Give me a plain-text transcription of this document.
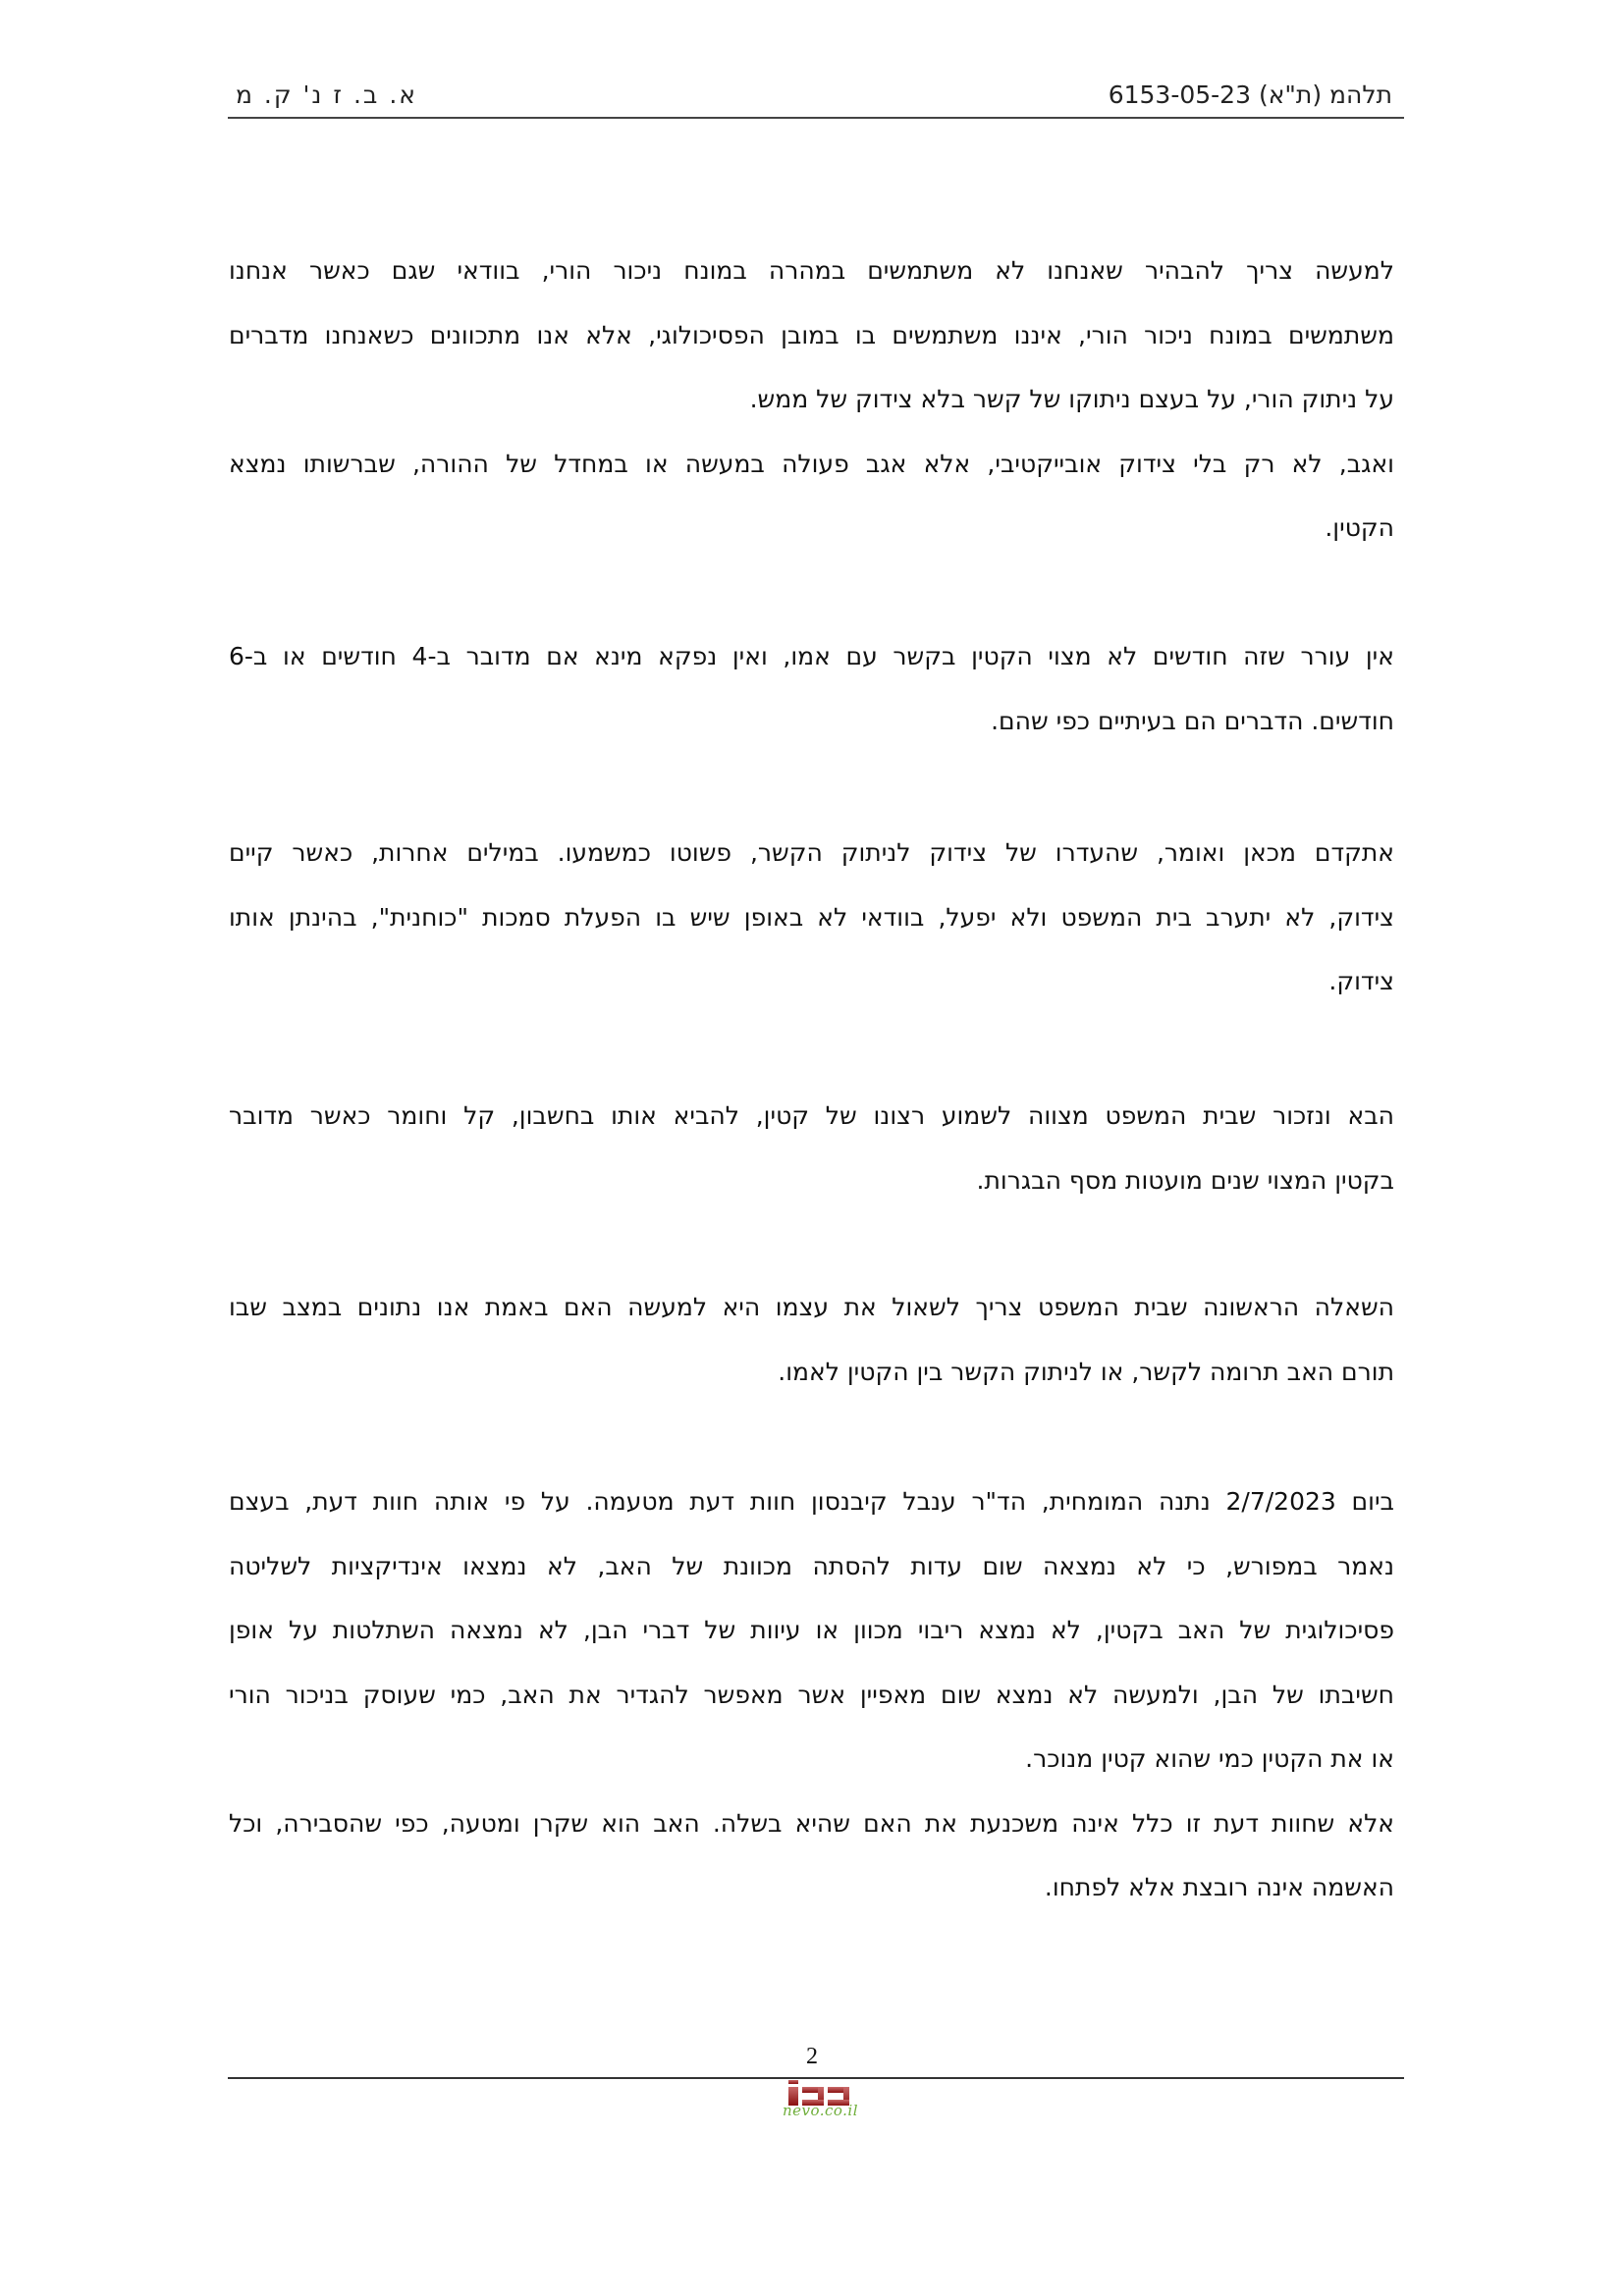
תלהמ (ת"א) 6153-05-23
א. ב. ז נ' ק. מ
למעשה צריך להבהיר שאנחנו לא משתמשים במהרה במונח ניכור הורי, בוודאי שגם כאשר אנחנו
משתמשים במונח ניכור הורי, איננו משתמשים בו במובן הפסיכולוגי, אלא אנו מתכוונים כשאנחנו מדברים
על ניתוק הורי, על בעצם ניתוקו של קשר בלא צידוק של ממש.
ואגב, לא רק בלי צידוק אובייקטיבי, אלא אגב פעולה במעשה או במחדל של ההורה, שברשותו נמצא
הקטין.
אין עורר שזה חודשים לא מצוי הקטין בקשר עם אמו, ואין נפקא מינא אם מדובר ב-4 חודשים או ב-6
חודשים. הדברים הם בעיתיים כפי שהם.
אתקדם מכאן ואומר, שהעדרו של צידוק לניתוק הקשר, פשוטו כמשמעו. במילים אחרות, כאשר קיים
צידוק, לא יתערב בית המשפט ולא יפעל, בוודאי לא באופן שיש בו הפעלת סמכות "כוחנית", בהינתן אותו
צידוק.
הבא ונזכור שבית המשפט מצווה לשמוע רצונו של קטין, להביא אותו בחשבון, קל וחומר כאשר מדובר
בקטין המצוי שנים מועטות מסף הבגרות.
השאלה הראשונה שבית המשפט צריך לשאול את עצמו היא למעשה האם באמת אנו נתונים במצב שבו
תורם האב תרומה לקשר, או לניתוק הקשר בין הקטין לאמו.
ביום 2/7/2023 נתנה המומחית, הד"ר ענבל קיבנסון חוות דעת מטעמה. על פי אותה חוות דעת, בעצם
נאמר במפורש, כי לא נמצאה שום עדות להסתה מכוונת של האב, לא נמצאו אינדיקציות לשליטה
פסיכולוגית של האב בקטין, לא נמצא ריבוי מכוון או עיוות של דברי הבן, לא נמצאה השתלטות על אופן
חשיבתו של הבן, ולמעשה לא נמצא שום מאפיין אשר מאפשר להגדיר את האב, כמי שעוסק בניכור הורי
או את הקטין כמי שהוא קטין מנוכר.
אלא שחוות דעת זו כלל אינה משכנעת את האם שהיא בשלה. האב הוא שקרן ומטעה, כפי שהסבירה, וכל
האשמה אינה רובצת אלא לפתחו.
2
nevo.co.il
